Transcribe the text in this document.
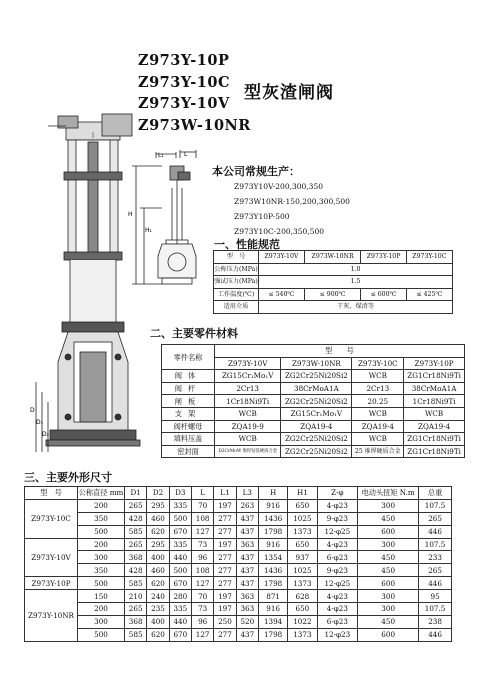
Z973Y-10P
Z973Y-10C
Z973Y-10V
Z973W-10NR
型灰渣闸阀
D
D₁
D₂
L₁	L
H
H₁
本公司常规生产：
Z973Y10V-200,300,350
Z973W10NR-150,200,300,500
Z973Y10P-500
Z973Y10C-200,350,500
一、性能规范
型　号	Z973Y-10V	Z973W-10NR	Z973Y-10P	Z973Y-10C
公称压力(MPa)	1.0			
强试压力(MPa)	1.5			
工作温度(℃)	≤ 540℃	≤ 900℃	≤ 600℃	≤ 425℃
适用介质	干灰、煤渣等			
二、主要零件材料
零件名称	型　　号			
	Z973Y-10V	Z973W-10NR	Z973Y-10C	Z973Y-10P
阀体	ZG15Cr₁Mo₁V	ZG2Cr25Ni20Si2	WCB	ZG1Cr18Ni9Ti
阀杆	2Cr13	38CrMoA1A	2Cr13	38CrMoA1A
闸板	1Cr18Ni9Ti	ZG2Cr25Ni20Si2	20.25	1Cr18Ni9Ti
支架	WCB	ZG15Cr₁Mo₁V	WCB	WCB
阀杆螺母	ZQA19-9	ZQA19-4	ZQA19-4	ZQA19-4
填料压盖	WCB	ZG2Cr25Ni20Si2	WCB	ZG1Cr18Ni9Ti
密封面	D2CrMoW 堆焊钴基硬质合金	ZG2Cr25Ni20Si2	25 堆焊硬质合金	ZG1Cr18Ni9Ti
三、主要外形尺寸
型　号	公称直径 mm	D1	D2	D3	L	L1	L3	H	H1	Z-φ	电动头扭矩 N.m	总重
Z973Y-10C	200	265	295	335	70	197	263	916	650	4-φ23	300	107.5
	350	428	460	500	108	277	437	1436	1025	9-φ23	450	265
	500	585	620	670	127	277	437	1798	1373	12-φ25	600	446
Z973Y-10V	200	265	295	335	73	197	363	916	650	4-φ23	300	107.5
	300	368	400	440	96	277	437	1354	937	6-φ23	450	233
	350	428	460	500	108	277	437	1436	1025	9-φ23	450	265
Z973Y-10P	500	585	620	670	127	277	437	1798	1373	12-φ25	600	446
Z973Y-10NR	150	210	240	280	70	197	363	871	628	4-φ23	300	95
	200	265	235	335	73	197	363	916	650	4-φ23	300	107.5
	300	368	400	440	96	250	520	1394	1022	6-φ23	450	238
	500	585	620	670	127	277	437	1798	1373	12-φ23	600	446
